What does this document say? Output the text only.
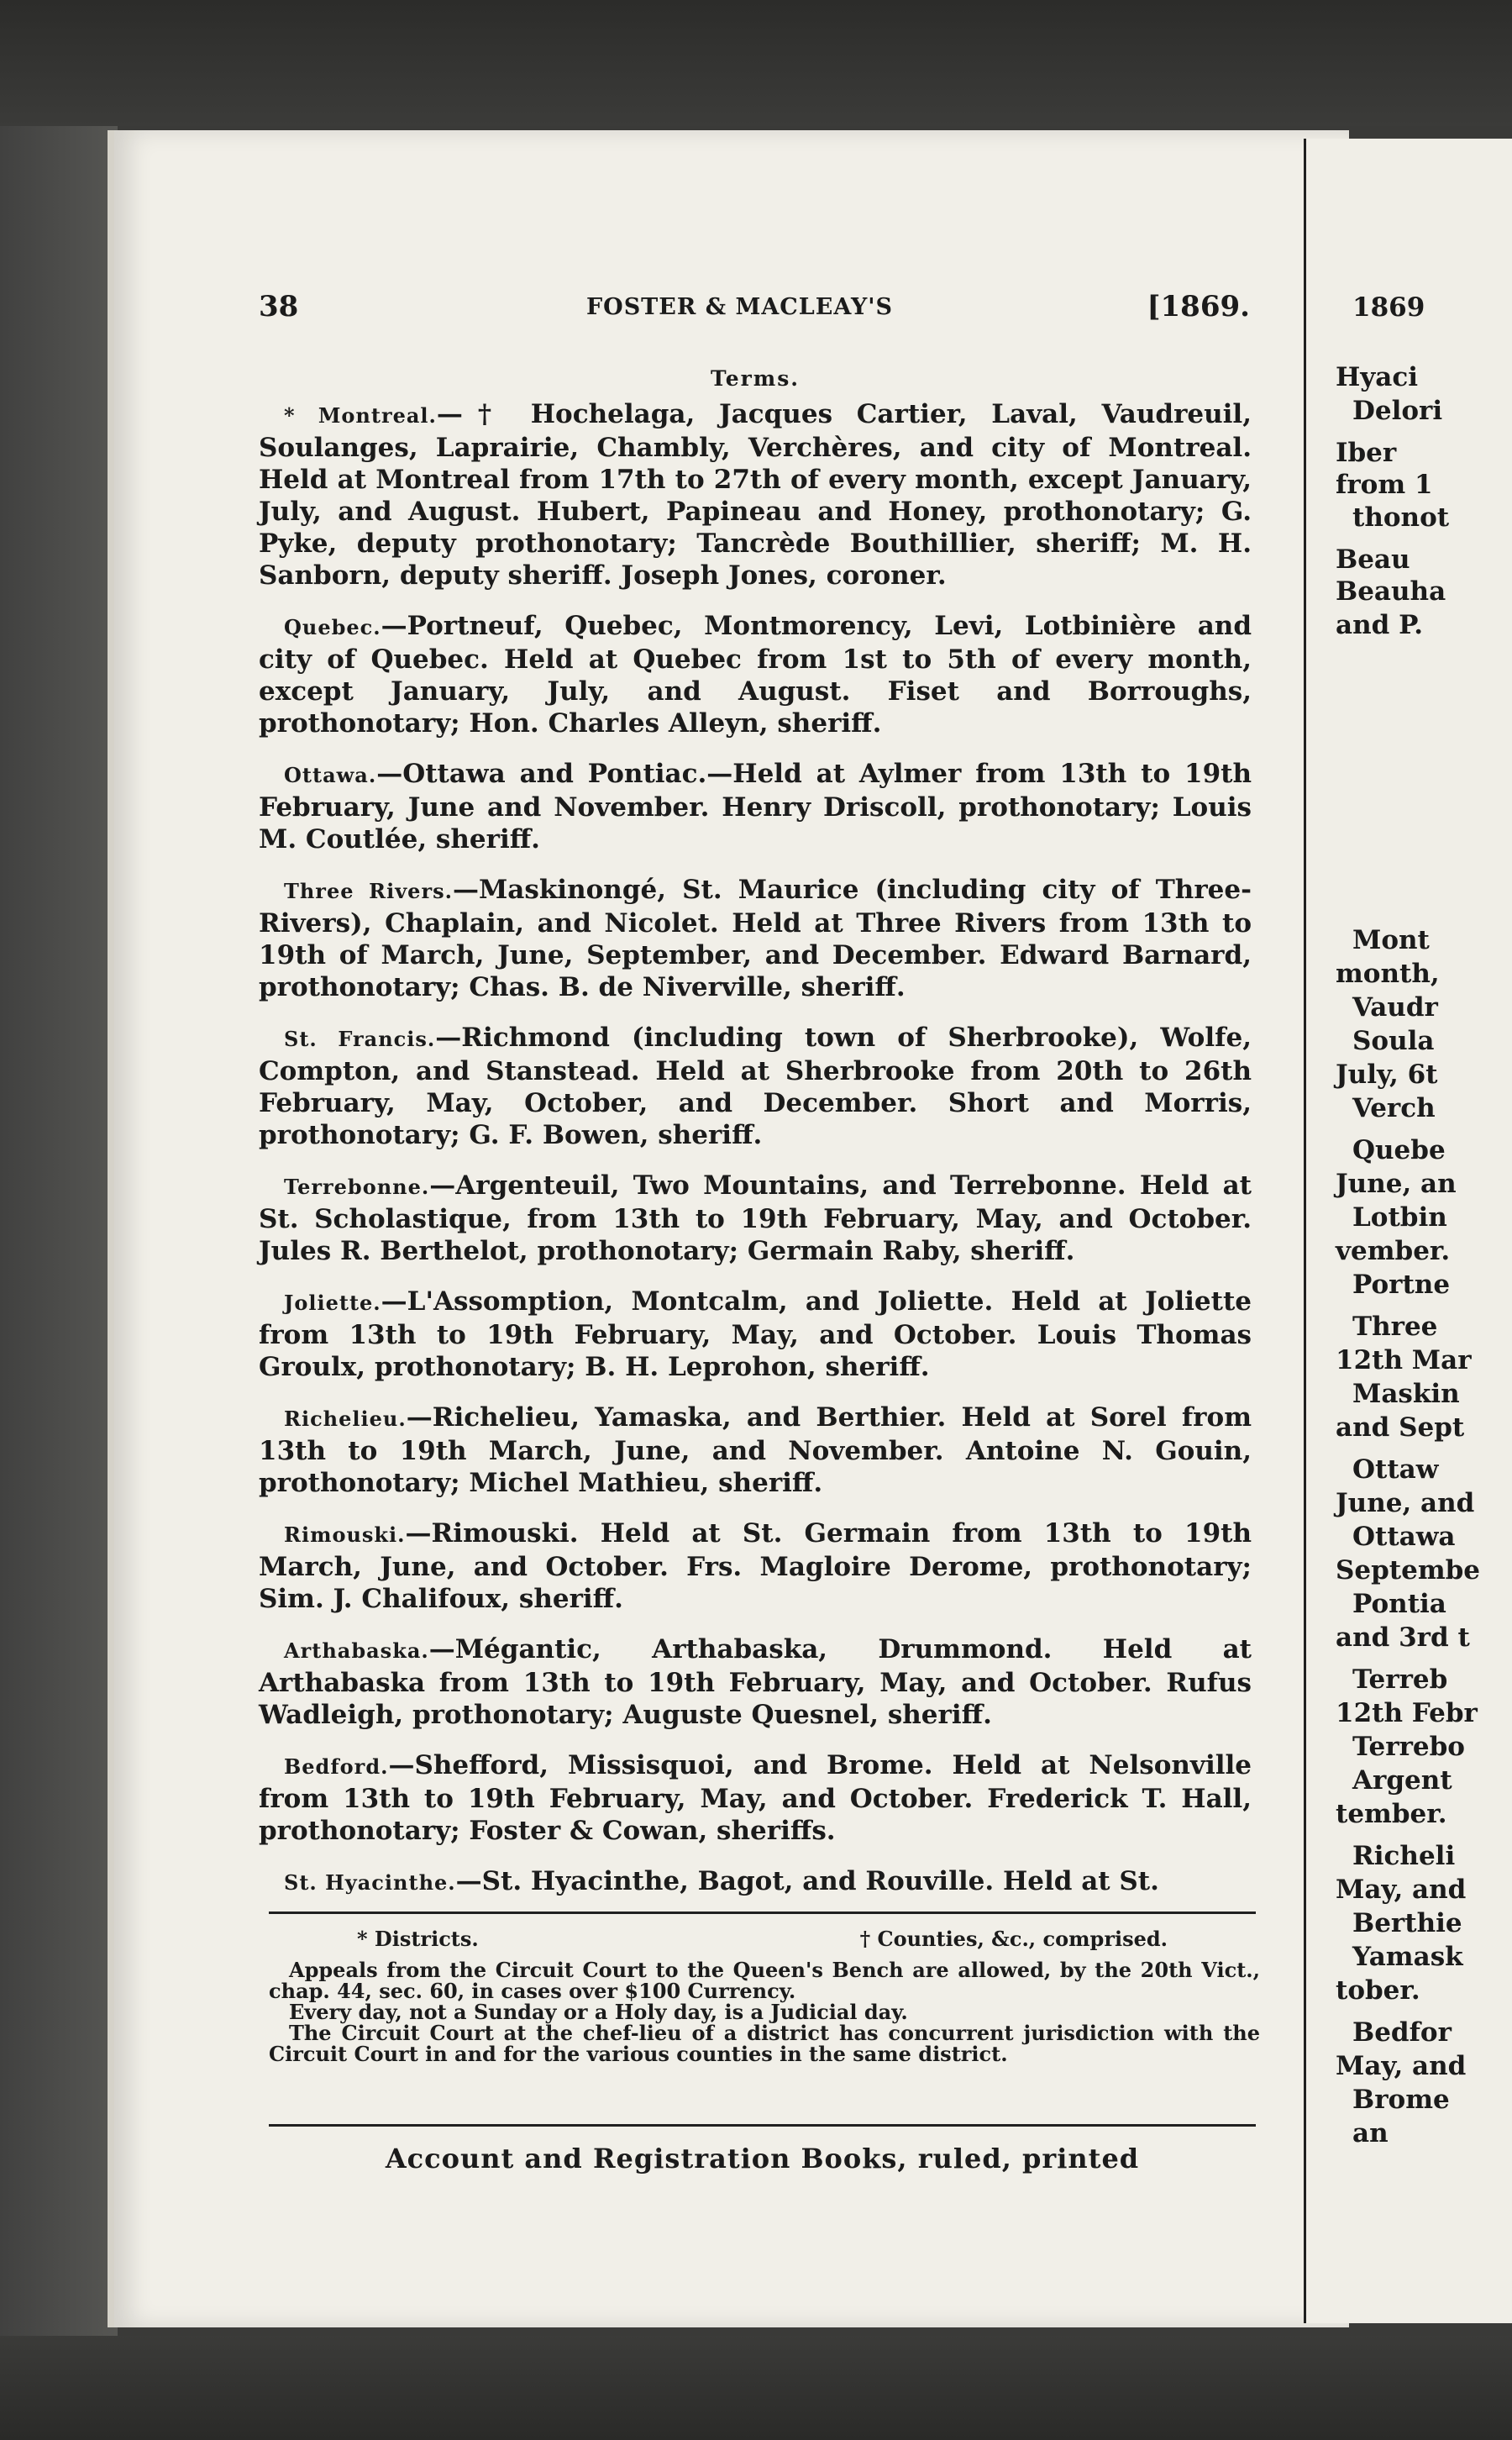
38	FOSTER & MACLEAY'S	[1869.
Terms.

* Montreal.—† Hochelaga, Jacques Cartier, Laval, Vaudreuil, Soulanges, Laprairie, Chambly, Verchères, and city of Montreal. Held at Montreal from 17th to 27th of every month, except January, July, and August. Hubert, Papineau and Honey, prothonotary; G. Pyke, deputy prothonotary; Tancrède Bouthillier, sheriff; M. H. Sanborn, deputy sheriff. Joseph Jones, coroner.

Quebec.—Portneuf, Quebec, Montmorency, Levi, Lotbinière and city of Quebec. Held at Quebec from 1st to 5th of every month, except January, July, and August. Fiset and Borroughs, prothonotary; Hon. Charles Alleyn, sheriff.

Ottawa.—Ottawa and Pontiac.—Held at Aylmer from 13th to 19th February, June and November. Henry Driscoll, prothonotary; Louis M. Coutlée, sheriff.

Three Rivers.—Maskinongé, St. Maurice (including city of Three-Rivers), Chaplain, and Nicolet. Held at Three Rivers from 13th to 19th of March, June, September, and December. Edward Barnard, prothonotary; Chas. B. de Niverville, sheriff.

St. Francis.—Richmond (including town of Sherbrooke), Wolfe, Compton, and Stanstead. Held at Sherbrooke from 20th to 26th February, May, October, and December. Short and Morris, prothonotary; G. F. Bowen, sheriff.

Terrebonne.—Argenteuil, Two Mountains, and Terrebonne. Held at St. Scholastique, from 13th to 19th February, May, and October. Jules R. Berthelot, prothonotary; Germain Raby, sheriff.

Joliette.—L'Assomption, Montcalm, and Joliette. Held at Joliette from 13th to 19th February, May, and October. Louis Thomas Groulx, prothonotary; B. H. Leprohon, sheriff.

Richelieu.—Richelieu, Yamaska, and Berthier. Held at Sorel from 13th to 19th March, June, and November. Antoine N. Gouin, prothonotary; Michel Mathieu, sheriff.

Rimouski.—Rimouski. Held at St. Germain from 13th to 19th March, June, and October. Frs. Magloire Derome, prothonotary; Sim. J. Chalifoux, sheriff.

Arthabaska.—Mégantic, Arthabaska, Drummond. Held at Arthabaska from 13th to 19th February, May, and October. Rufus Wadleigh, prothonotary; Auguste Quesnel, sheriff.

Bedford.—Shefford, Missisquoi, and Brome. Held at Nelsonville from 13th to 19th February, May, and October. Frederick T. Hall, prothonotary; Foster & Cowan, sheriffs.

St. Hyacinthe.—St. Hyacinthe, Bagot, and Rouville. Held at St.

* Districts.	† Counties, &c., comprised.

Appeals from the Circuit Court to the Queen's Bench are allowed, by the 20th Vict., chap. 44, sec. 60, in cases over $100 Currency.

Every day, not a Sunday or a Holy day, is a Judicial day.

The Circuit Court at the chef-lieu of a district has concurrent jurisdiction with the Circuit Court in and for the various counties in the same district.

Account and Registration Books, ruled, printed
1869
Hyaci
Delori
Iber
from 1
thonot
Beau
Beauha
and P.
Mont
month,
Vaudr
Soula
July, 6t
Verch
Quebe
June, an
Lotbin
vember.
Portne
Three
12th Mar
Maskin
and Sept
Ottaw
June, and
Ottawa
Septembe
Pontia
and 3rd t
Terreb
12th Febr
Terrebo
Argent
tember.
Richeli
May, and
Berthie
Yamask
tober.
Bedfor
May, and
Brome
an
